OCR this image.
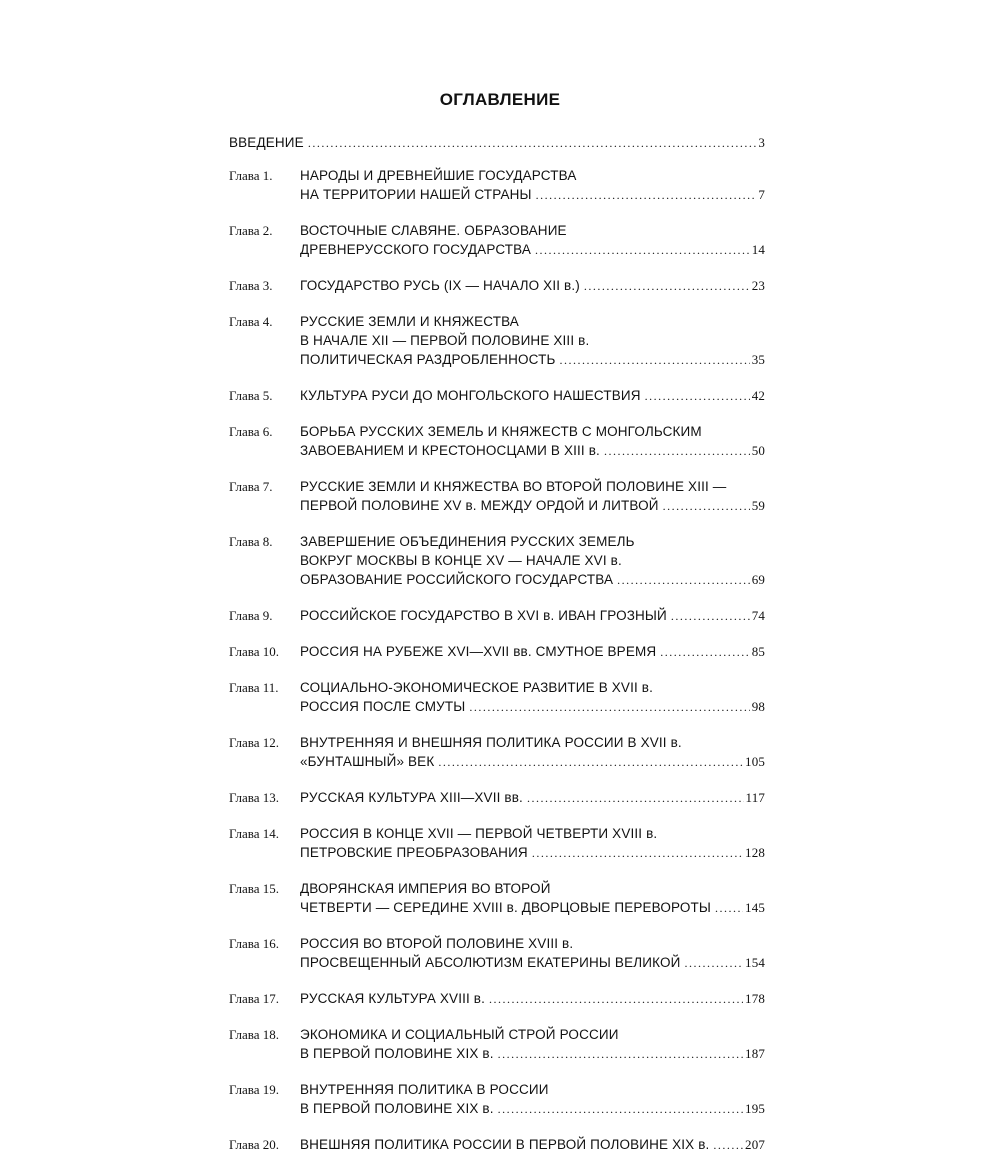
ОГЛАВЛЕНИЕ
ВВЕДЕНИЕ .....	3
Глава 1. НАРОДЫ И ДРЕВНЕЙШИЕ ГОСУДАРСТВА
НА ТЕРРИТОРИИ НАШЕЙ СТРАНЫ .....	7
Глава 2. ВОСТОЧНЫЕ СЛАВЯНЕ. ОБРАЗОВАНИЕ
ДРЕВНЕРУССКОГО ГОСУДАРСТВА .....	14
Глава 3. ГОСУДАРСТВО РУСЬ (IX — НАЧАЛО XII в.) .....	23
Глава 4. РУССКИЕ ЗЕМЛИ И КНЯЖЕСТВА
В НАЧАЛЕ XII — ПЕРВОЙ ПОЛОВИНЕ XIII в.
ПОЛИТИЧЕСКАЯ РАЗДРОБЛЕННОСТЬ .....	35
Глава 5. КУЛЬТУРА РУСИ ДО МОНГОЛЬСКОГО НАШЕСТВИЯ .....	42
Глава 6. БОРЬБА РУССКИХ ЗЕМЕЛЬ И КНЯЖЕСТВ С МОНГОЛЬСКИМ
ЗАВОЕВАНИЕМ И КРЕСТОНОСЦАМИ В XIII в. .....	50
Глава 7. РУССКИЕ ЗЕМЛИ И КНЯЖЕСТВА ВО ВТОРОЙ ПОЛОВИНЕ XIII —
ПЕРВОЙ ПОЛОВИНЕ XV в. МЕЖДУ ОРДОЙ И ЛИТВОЙ .....	59
Глава 8. ЗАВЕРШЕНИЕ ОБЪЕДИНЕНИЯ РУССКИХ ЗЕМЕЛЬ
ВОКРУГ МОСКВЫ В КОНЦЕ XV — НАЧАЛЕ XVI в.
ОБРАЗОВАНИЕ РОССИЙСКОГО ГОСУДАРСТВА .....	69
Глава 9. РОССИЙСКОЕ ГОСУДАРСТВО В XVI в. ИВАН ГРОЗНЫЙ .....	74
Глава 10. РОССИЯ НА РУБЕЖЕ XVI—XVII вв. СМУТНОЕ ВРЕМЯ .....	85
Глава 11. СОЦИАЛЬНО-ЭКОНОМИЧЕСКОЕ РАЗВИТИЕ В XVII в.
РОССИЯ ПОСЛЕ СМУТЫ .....	98
Глава 12. ВНУТРЕННЯЯ И ВНЕШНЯЯ ПОЛИТИКА РОССИИ В XVII в.
«БУНТАШНЫЙ» ВЕК .....	105
Глава 13. РУССКАЯ КУЛЬТУРА XIII—XVII вв. .....	117
Глава 14. РОССИЯ В КОНЦЕ XVII — ПЕРВОЙ ЧЕТВЕРТИ XVIII в.
ПЕТРОВСКИЕ ПРЕОБРАЗОВАНИЯ .....	128
Глава 15. ДВОРЯНСКАЯ ИМПЕРИЯ ВО ВТОРОЙ
ЧЕТВЕРТИ — СЕРЕДИНЕ XVIII в. ДВОРЦОВЫЕ ПЕРЕВОРОТЫ .....	145
Глава 16. РОССИЯ ВО ВТОРОЙ ПОЛОВИНЕ XVIII в.
ПРОСВЕЩЕННЫЙ АБСОЛЮТИЗМ ЕКАТЕРИНЫ ВЕЛИКОЙ .....	154
Глава 17. РУССКАЯ КУЛЬТУРА XVIII в. .....	178
Глава 18. ЭКОНОМИКА И СОЦИАЛЬНЫЙ СТРОЙ РОССИИ
В ПЕРВОЙ ПОЛОВИНЕ XIX в. .....	187
Глава 19. ВНУТРЕННЯЯ ПОЛИТИКА В РОССИИ
В ПЕРВОЙ ПОЛОВИНЕ XIX в. .....	195
Глава 20. ВНЕШНЯЯ ПОЛИТИКА РОССИИ В ПЕРВОЙ ПОЛОВИНЕ XIX в. .....	207
